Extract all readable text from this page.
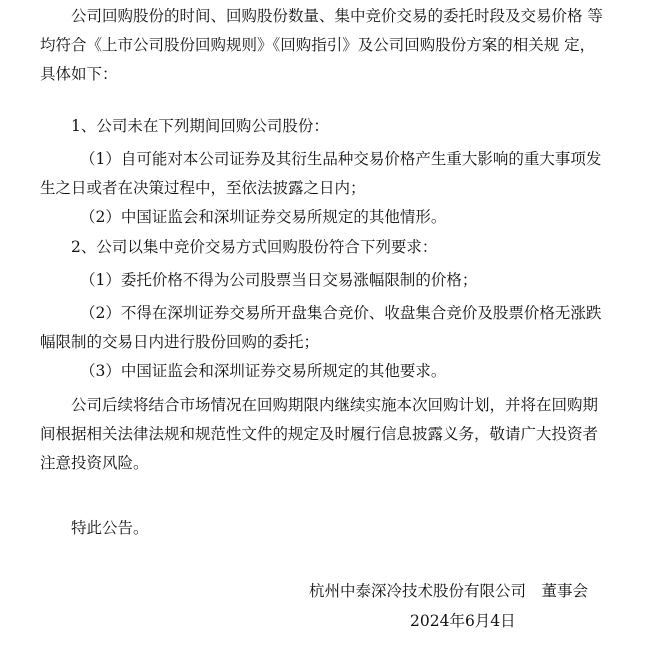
公司回购股份的时间、回购股份数量、集中竞价交易的委托时段及交易价格 等均符合《上市公司股份回购规则》《回购指引》及公司回购股份方案的相关规 定，具体如下：

1、公司未在下列期间回购公司股份：

（1）自可能对本公司证券及其衍生品种交易价格产生重大影响的重大事项发生之日或者在决策过程中，至依法披露之日内；

（2）中国证监会和深圳证券交易所规定的其他情形。

2、公司以集中竞价交易方式回购股份符合下列要求：

（1）委托价格不得为公司股票当日交易涨幅限制的价格；

（2）不得在深圳证券交易所开盘集合竞价、收盘集合竞价及股票价格无涨跌幅限制的交易日内进行股份回购的委托；

（3）中国证监会和深圳证券交易所规定的其他要求。

公司后续将结合市场情况在回购期限内继续实施本次回购计划，并将在回购期间根据相关法律法规和规范性文件的规定及时履行信息披露义务，敬请广大投资者注意投资风险。

特此公告。

杭州中泰深冷技术股份有限公司　董事会

2024年6月4日
